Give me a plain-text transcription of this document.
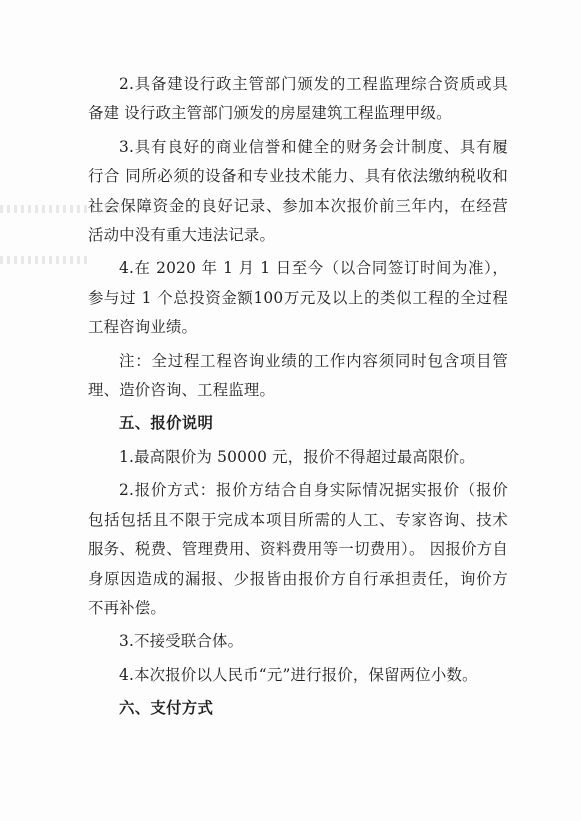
2.具备建设行政主管部门颁发的工程监理综合资质或具备建 设行政主管部门颁发的房屋建筑工程监理甲级。

3.具有良好的商业信誉和健全的财务会计制度、具有履行合 同所必须的设备和专业技术能力、具有依法缴纳税收和社会保障资金的良好记录、参加本次报价前三年内，在经营活动中没有重大违法记录。

4.在 2020 年 1 月 1 日至今（以合同签订时间为准），参与过 1 个总投资金额100万元及以上的类似工程的全过程工程咨询业绩。

注：全过程工程咨询业绩的工作内容须同时包含项目管理、造价咨询、工程监理。

五、报价说明

1.最高限价为 50000 元，报价不得超过最高限价。

2.报价方式：报价方结合自身实际情况据实报价（报价包括包括且不限于完成本项目所需的人工、专家咨询、技术服务、税费、管理费用、资料费用等一切费用）。 因报价方自身原因造成的漏报、少报皆由报价方自行承担责任，询价方不再补偿。

3.不接受联合体。

4.本次报价以人民币“元”进行报价，保留两位小数。

六、支付方式
